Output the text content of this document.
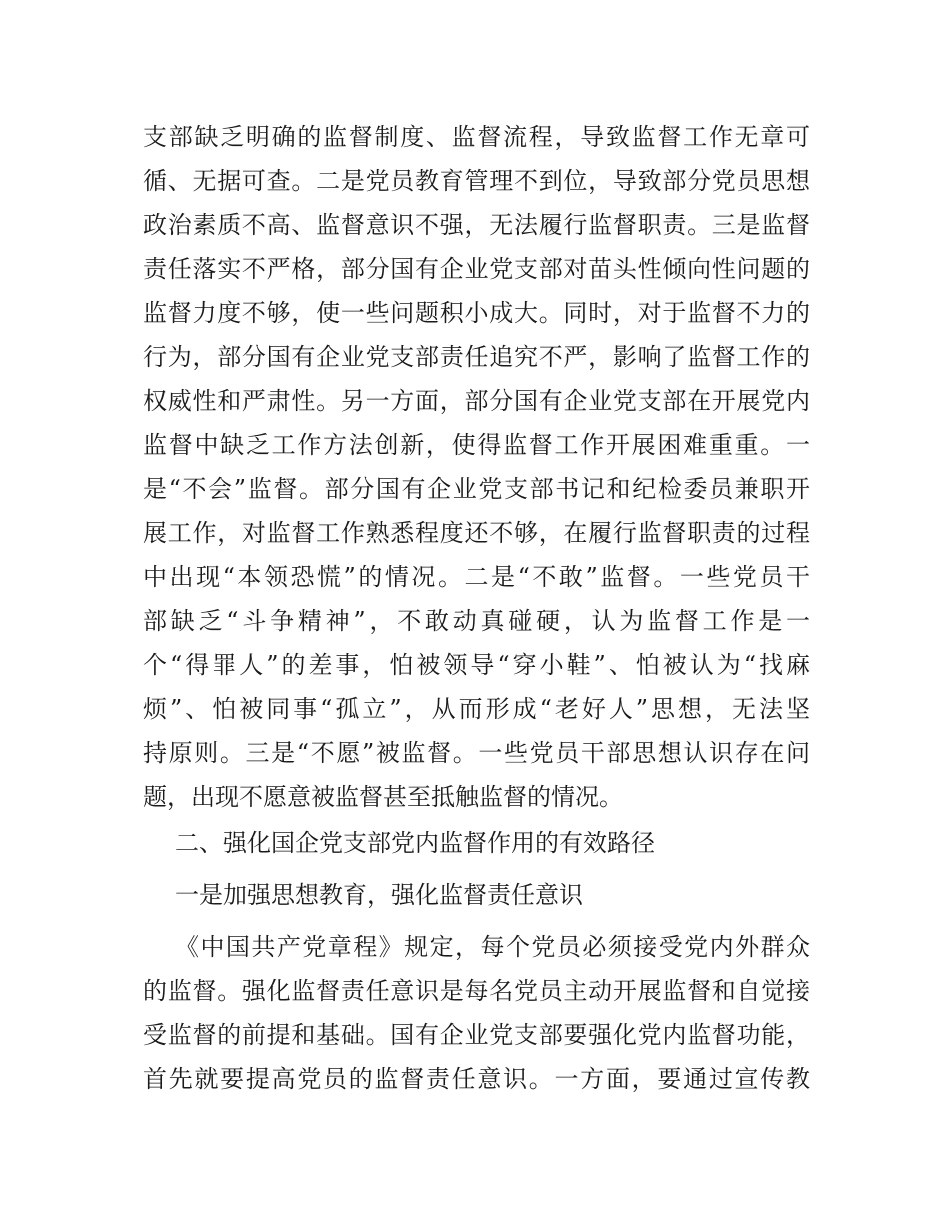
支部缺乏明确的监督制度、监督流程，导致监督工作无章可
循、无据可查。二是党员教育管理不到位，导致部分党员思想
政治素质不高、监督意识不强，无法履行监督职责。三是监督
责任落实不严格，部分国有企业党支部对苗头性倾向性问题的
监督力度不够，使一些问题积小成大。同时，对于监督不力的
行为，部分国有企业党支部责任追究不严，影响了监督工作的
权威性和严肃性。另一方面，部分国有企业党支部在开展党内
监督中缺乏工作方法创新，使得监督工作开展困难重重。一
是“不会”监督。部分国有企业党支部书记和纪检委员兼职开
展工作，对监督工作熟悉程度还不够，在履行监督职责的过程
中出现“本领恐慌”的情况。二是“不敢”监督。一些党员干
部缺乏“斗争精神”，不敢动真碰硬，认为监督工作是一
个“得罪人”的差事，怕被领导“穿小鞋”、怕被认为“找麻
烦”、怕被同事“孤立”，从而形成“老好人”思想，无法坚
持原则。三是“不愿”被监督。一些党员干部思想认识存在问
题，出现不愿意被监督甚至抵触监督的情况。
二、强化国企党支部党内监督作用的有效路径
一是加强思想教育，强化监督责任意识
《中国共产党章程》规定，每个党员必须接受党内外群众
的监督。强化监督责任意识是每名党员主动开展监督和自觉接
受监督的前提和基础。国有企业党支部要强化党内监督功能，
首先就要提高党员的监督责任意识。一方面，要通过宣传教
